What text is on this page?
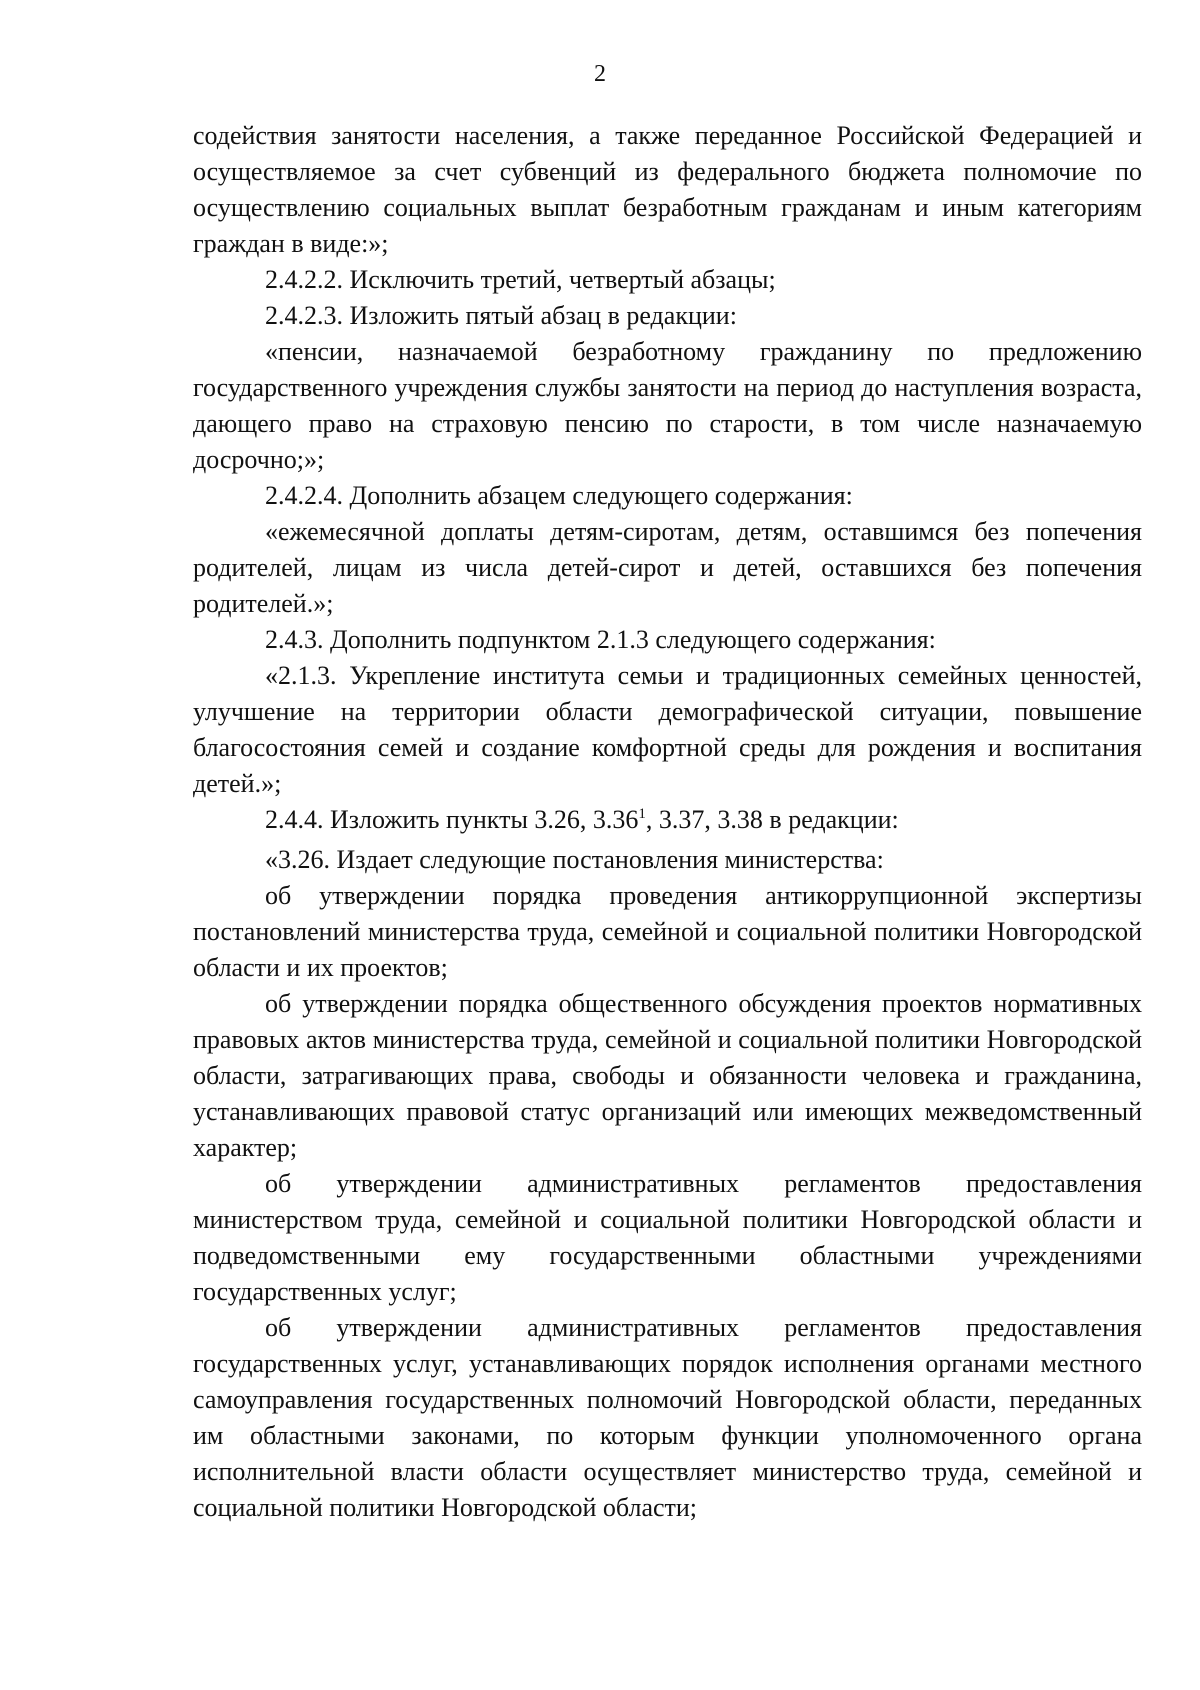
2

содействия занятости населения, а также переданное Российской Федерацией и осуществляемое за счет субвенций из федерального бюджета полномочие по осуществлению социальных выплат безработным гражданам и иным категориям граждан в виде:»;

2.4.2.2. Исключить третий, четвертый абзацы;

2.4.2.3. Изложить пятый абзац в редакции:

«пенсии, назначаемой безработному гражданину по предложению государственного учреждения службы занятости на период до наступления возраста, дающего право на страховую пенсию по старости, в том числе назначаемую досрочно;»;

2.4.2.4. Дополнить абзацем следующего содержания:

«ежемесячной доплаты детям-сиротам, детям, оставшимся без попечения родителей, лицам из числа детей-сирот и детей, оставшихся без попечения родителей.»;

2.4.3. Дополнить подпунктом 2.1.3 следующего содержания:

«2.1.3. Укрепление института семьи и традиционных семейных ценностей, улучшение на территории области демографической ситуации, повышение благосостояния семей и создание комфортной среды для рождения и воспитания детей.»;

2.4.4. Изложить пункты 3.26, 3.36$^1$, 3.37, 3.38 в редакции:

«3.26. Издает следующие постановления министерства:

об утверждении порядка проведения антикоррупционной экспертизы постановлений министерства труда, семейной и социальной политики Новгородской области и их проектов;

об утверждении порядка общественного обсуждения проектов нормативных правовых актов министерства труда, семейной и социальной политики Новгородской области, затрагивающих права, свободы и обязанности человека и гражданина, устанавливающих правовой статус организаций или имеющих межведомственный характер;

об утверждении административных регламентов предоставления министерством труда, семейной и социальной политики Новгородской области и подведомственными ему государственными областными учреждениями государственных услуг;

об утверждении административных регламентов предоставления государственных услуг, устанавливающих порядок исполнения органами местного самоуправления государственных полномочий Новгородской области, переданных им областными законами, по которым функции уполномоченного органа исполнительной власти области осуществляет министерство труда, семейной и социальной политики Новгородской области;
